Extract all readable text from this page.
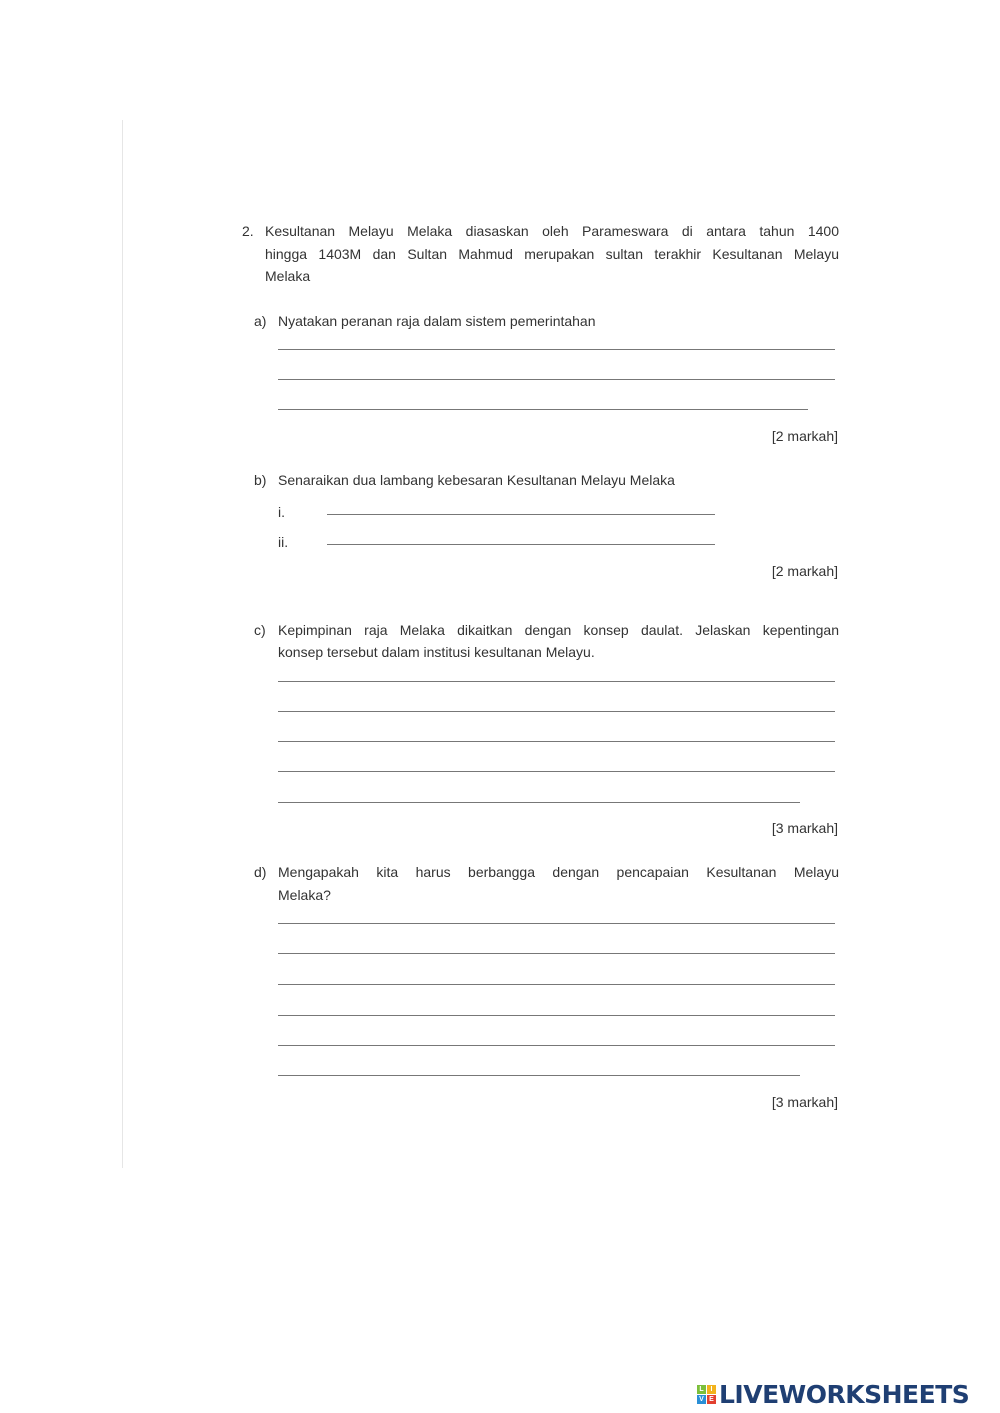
2. Kesultanan Melayu Melaka diasaskan oleh Parameswara di antara tahun 1400
hingga 1403M dan Sultan Mahmud merupakan sultan terakhir Kesultanan Melayu
Melaka
a) Nyatakan peranan raja dalam sistem pemerintahan
[2 markah]
b) Senaraikan dua lambang kebesaran Kesultanan Melayu Melaka
i.
ii.
[2 markah]
c) Kepimpinan raja Melaka dikaitkan dengan konsep daulat. Jelaskan kepentingan
konsep tersebut dalam institusi kesultanan Melayu.
[3 markah]
d) Mengapakah kita harus berbangga dengan pencapaian Kesultanan Melayu
Melaka?
[3 markah]
L I
V E LIVEWORKSHEETS
